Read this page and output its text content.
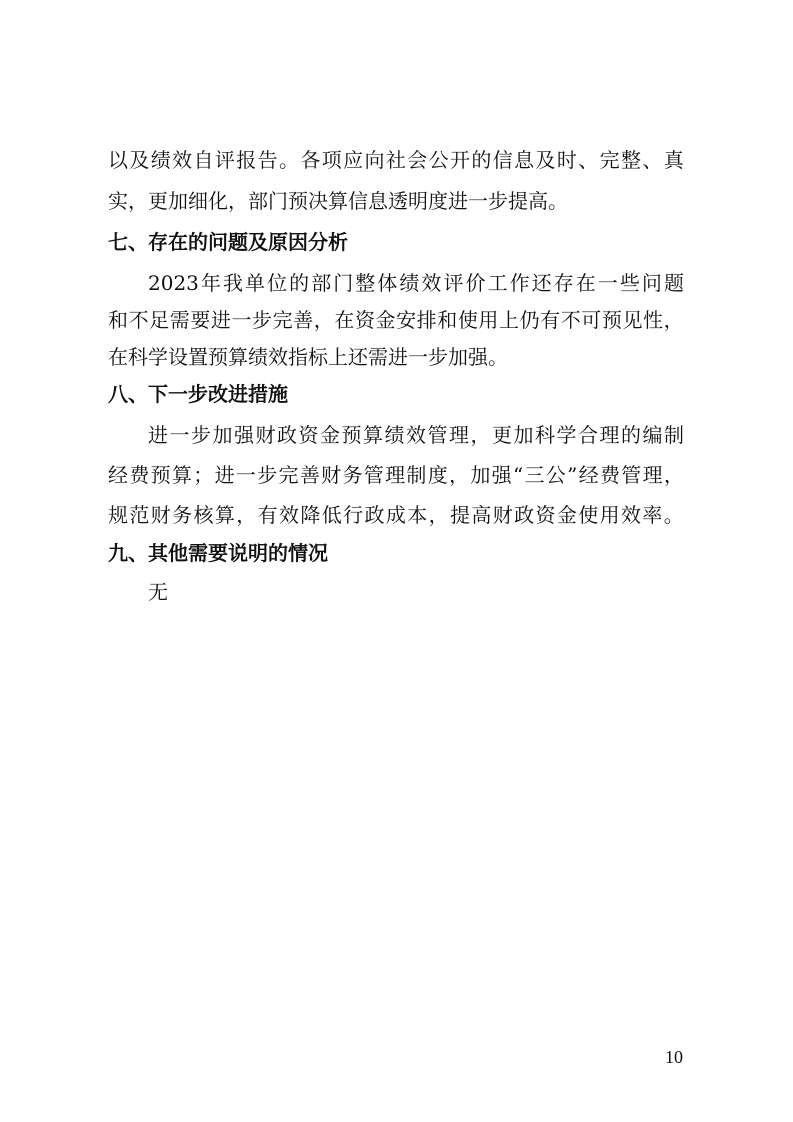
以 及 绩 效 自 评 报 告 。 各 项 应 向 社 会 公 开 的 信 息 及 时 、 完 整 、 真
实，更加细化，部门预决算信息透明度进一步提高。
七、存在的问题及原因分析
2023 年 我 单 位 的 部 门 整 体 绩 效 评 价 工 作 还 存 在 一 些 问 题
和 不 足 需 要 进 一 步 完 善 ， 在 资 金 安 排 和 使 用 上 仍 有 不 可 预 见 性 ，
在科学设置预算绩效指标上还需进一步加强。
八、下一步改进措施
进 一 步 加 强 财 政 资 金 预 算 绩 效 管 理 ， 更 加 科 学 合 理 的 编 制
经 费 预 算 ； 进 一 步 完 善 财 务 管 理 制 度 ， 加 强 “ 三 公 ” 经 费 管 理 ，
规 范 财 务 核 算 ， 有 效 降 低 行 政 成 本 ， 提 高 财 政 资 金 使 用 效 率 。
九、其他需要说明的情况
无
10
